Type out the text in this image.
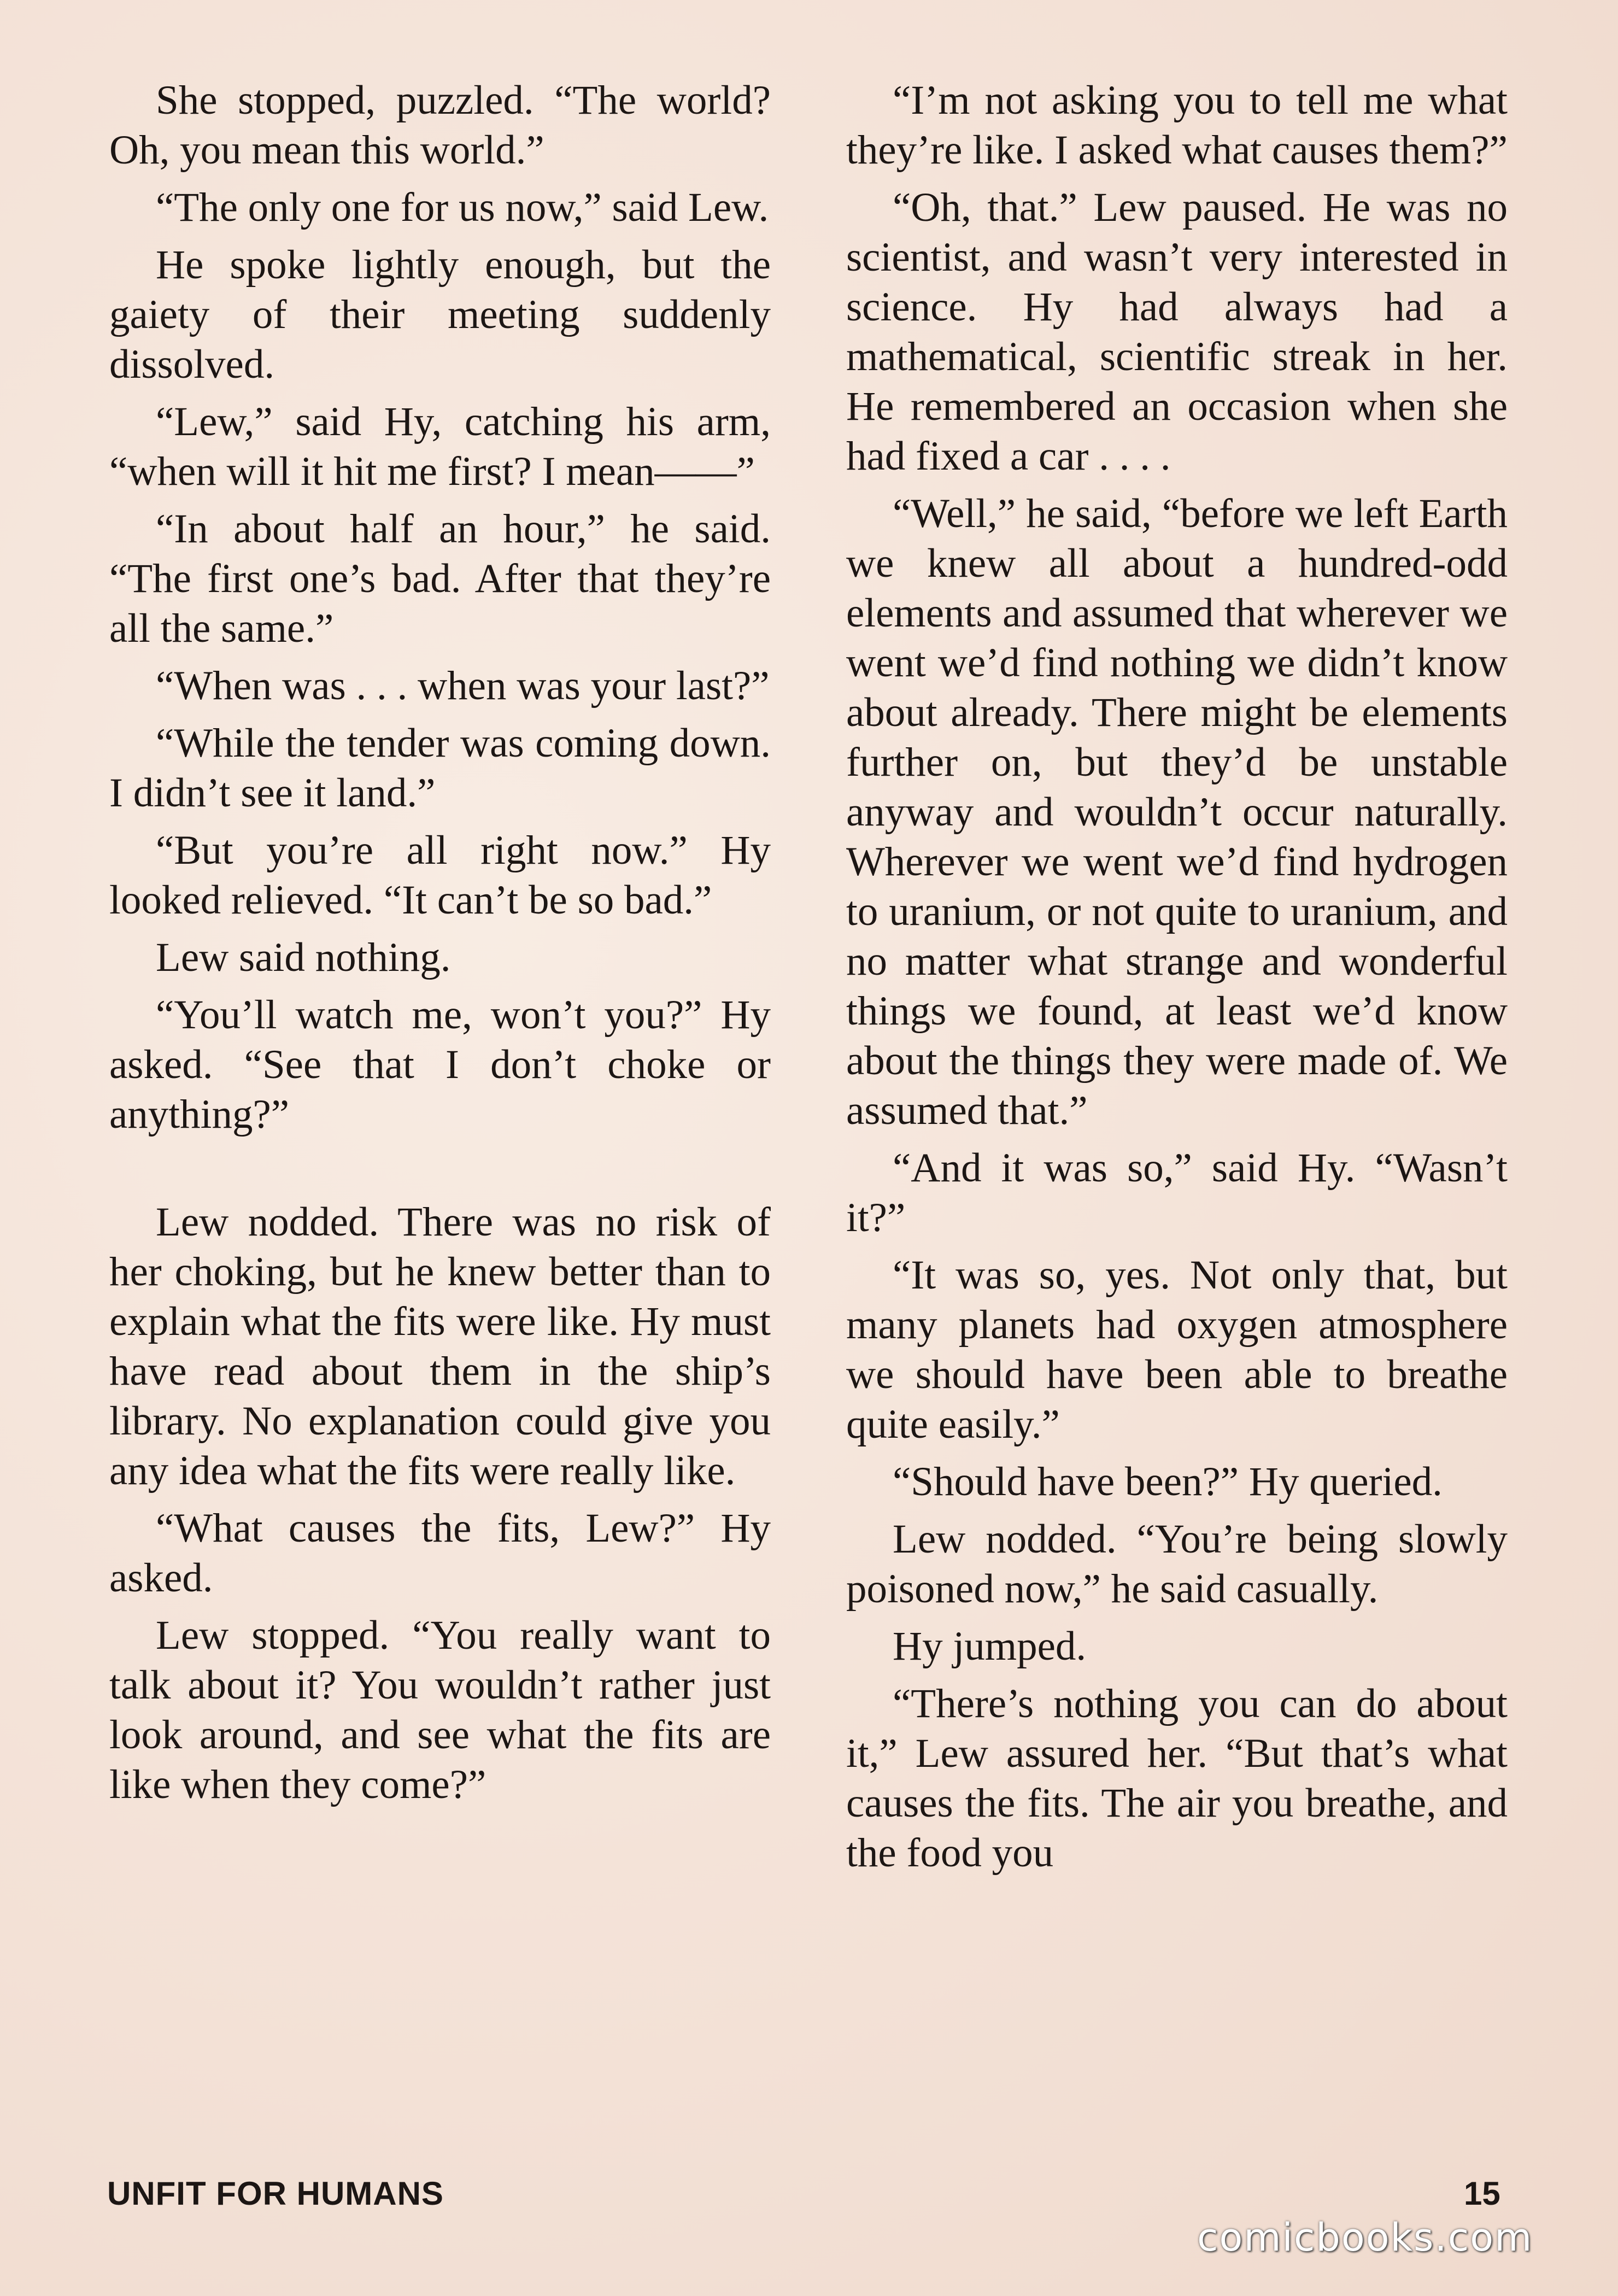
She stopped, puzzled. “The world? Oh, you mean this world.”

“The only one for us now,” said Lew.

He spoke lightly enough, but the gaiety of their meeting suddenly dissolved.

“Lew,” said Hy, catching his arm, “when will it hit me first? I mean——”

“In about half an hour,” he said. “The first one’s bad. After that they’re all the same.”

“When was . . . when was your last?”

“While the tender was coming down. I didn’t see it land.”

“But you’re all right now.” Hy looked relieved. “It can’t be so bad.”

Lew said nothing.

“You’ll watch me, won’t you?” Hy asked. “See that I don’t choke or anything?”

Lew nodded. There was no risk of her choking, but he knew better than to explain what the fits were like. Hy must have read about them in the ship’s library. No explanation could give you any idea what the fits were really like.

“What causes the fits, Lew?” Hy asked.

Lew stopped. “You really want to talk about it? You wouldn’t rather just look around, and see what the fits are like when they come?”

“I’m not asking you to tell me what they’re like. I asked what causes them?”

“Oh, that.” Lew paused. He was no scientist, and wasn’t very interested in science. Hy had always had a mathematical, scientific streak in her. He remembered an occasion when she had fixed a car . . . .

“Well,” he said, “before we left Earth we knew all about a hundred-odd elements and assumed that wherever we went we’d find nothing we didn’t know about already. There might be elements further on, but they’d be unstable anyway and wouldn’t occur naturally. Wherever we went we’d find hydrogen to uranium, or not quite to uranium, and no matter what strange and wonderful things we found, at least we’d know about the things they were made of. We assumed that.”

“And it was so,” said Hy. “Wasn’t it?”

“It was so, yes. Not only that, but many planets had oxygen atmosphere we should have been able to breathe quite easily.”

“Should have been?” Hy queried.

Lew nodded. “You’re being slowly poisoned now,” he said casually.

Hy jumped.

“There’s nothing you can do about it,” Lew assured her. “But that’s what causes the fits. The air you breathe, and the food you

UNFIT FOR HUMANS	15
comicbooks.com
